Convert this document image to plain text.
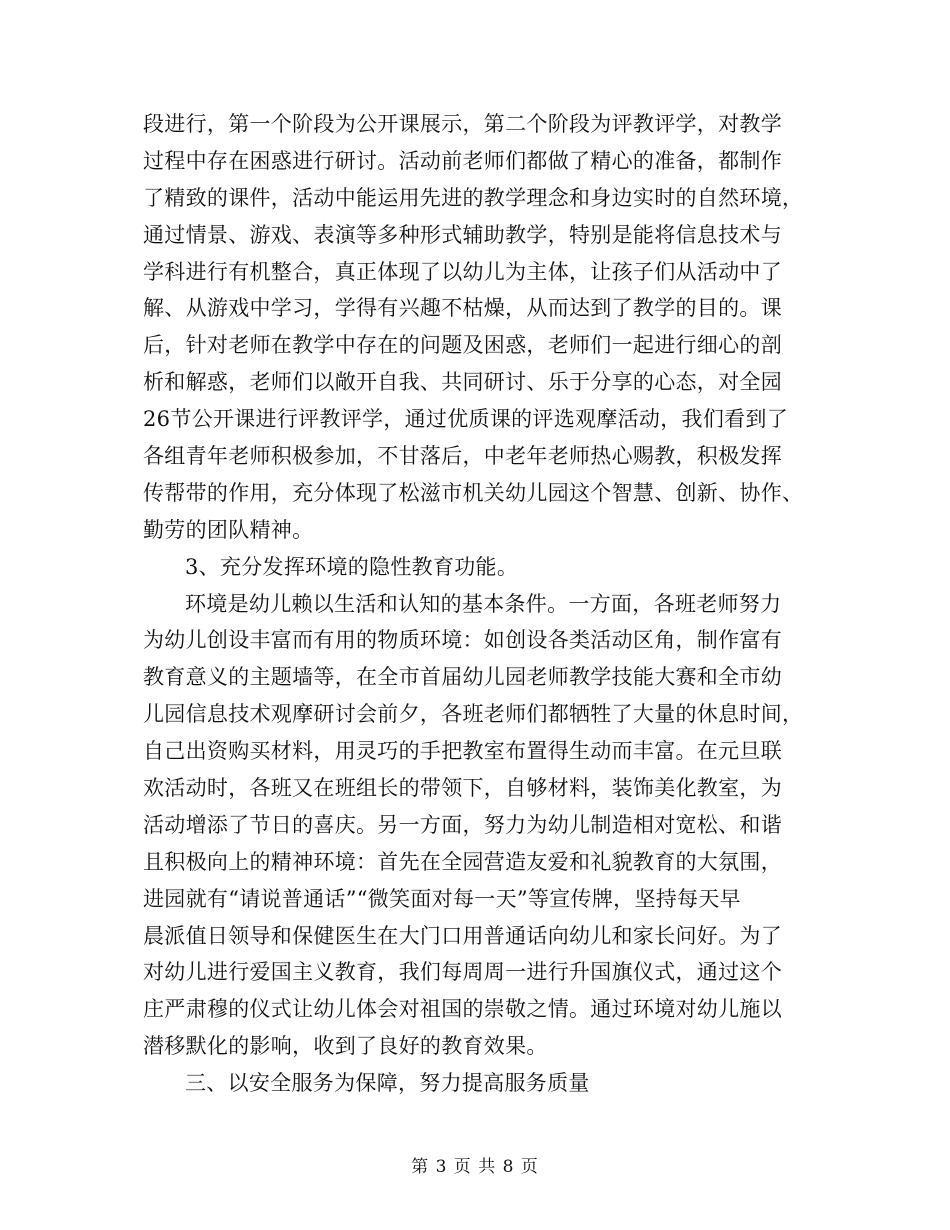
段进行，第一个阶段为公开课展示，第二个阶段为评教评学，对教学
过程中存在困惑进行研讨。活动前老师们都做了精心的准备，都制作
了精致的课件，活动中能运用先进的教学理念和身边实时的自然环境，
通过情景、游戏、表演等多种形式辅助教学，特别是能将信息技术与
学科进行有机整合，真正体现了以幼儿为主体，让孩子们从活动中了
解、从游戏中学习，学得有兴趣不枯燥，从而达到了教学的目的。课
后，针对老师在教学中存在的问题及困惑，老师们一起进行细心的剖
析和解惑，老师们以敞开自我、共同研讨、乐于分享的心态，对全园
26节公开课进行评教评学，通过优质课的评选观摩活动，我们看到了
各组青年老师积极参加，不甘落后，中老年老师热心赐教，积极发挥
传帮带的作用，充分体现了松滋市机关幼儿园这个智慧、创新、协作、
勤劳的团队精神。
3、充分发挥环境的隐性教育功能。
环境是幼儿赖以生活和认知的基本条件。一方面，各班老师努力
为幼儿创设丰富而有用的物质环境：如创设各类活动区角，制作富有
教育意义的主题墙等，在全市首届幼儿园老师教学技能大赛和全市幼
儿园信息技术观摩研讨会前夕，各班老师们都牺牲了大量的休息时间，
自己出资购买材料，用灵巧的手把教室布置得生动而丰富。在元旦联
欢活动时，各班又在班组长的带领下，自够材料，装饰美化教室，为
活动增添了节日的喜庆。另一方面，努力为幼儿制造相对宽松、和谐
且积极向上的精神环境：首先在全园营造友爱和礼貌教育的大氛围，
进园就有“请说普通话”“微笑面对每一天”等宣传牌，坚持每天早
晨派值日领导和保健医生在大门口用普通话向幼儿和家长问好。为了
对幼儿进行爱国主义教育，我们每周周一进行升国旗仪式，通过这个
庄严肃穆的仪式让幼儿体会对祖国的崇敬之情。通过环境对幼儿施以
潜移默化的影响，收到了良好的教育效果。
三、以安全服务为保障，努力提高服务质量
第 3 页 共 8 页
